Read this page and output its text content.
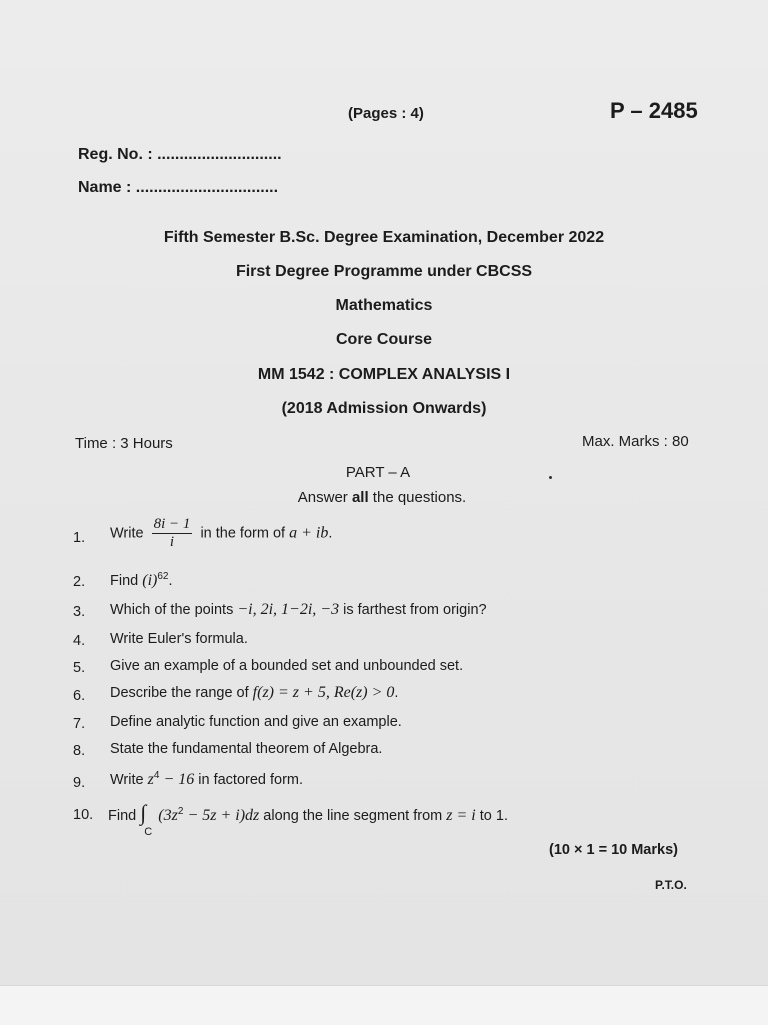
(Pages : 4)	P – 2485
Reg. No. : ............................
Name : ................................
Fifth Semester B.Sc. Degree Examination, December 2022
First Degree Programme under CBCSS
Mathematics
Core Course
MM 1542 : COMPLEX ANALYSIS I
(2018 Admission Onwards)
Time : 3 Hours	Max. Marks : 80
PART – A
Answer all the questions.
1. Write $\frac{8i - 1}{i}$ in the form of a + ib.
2. Find $(i)^{62}$.
3. Which of the points −i, 2i, 1−2i, −3 is farthest from origin?
4. Write Euler's formula.
5. Give an example of a bounded set and unbounded set.
6. Describe the range of f(z) = z + 5, Re(z) > 0.
7. Define analytic function and give an example.
8. State the fundamental theorem of Algebra.
9. Write $z^4 - 16$ in factored form.
10. Find ∫
C
$(3z^2 - 5z + i)dz$ along the line segment from z = i to 1.
(10 × 1 = 10 Marks)
P.T.O.
